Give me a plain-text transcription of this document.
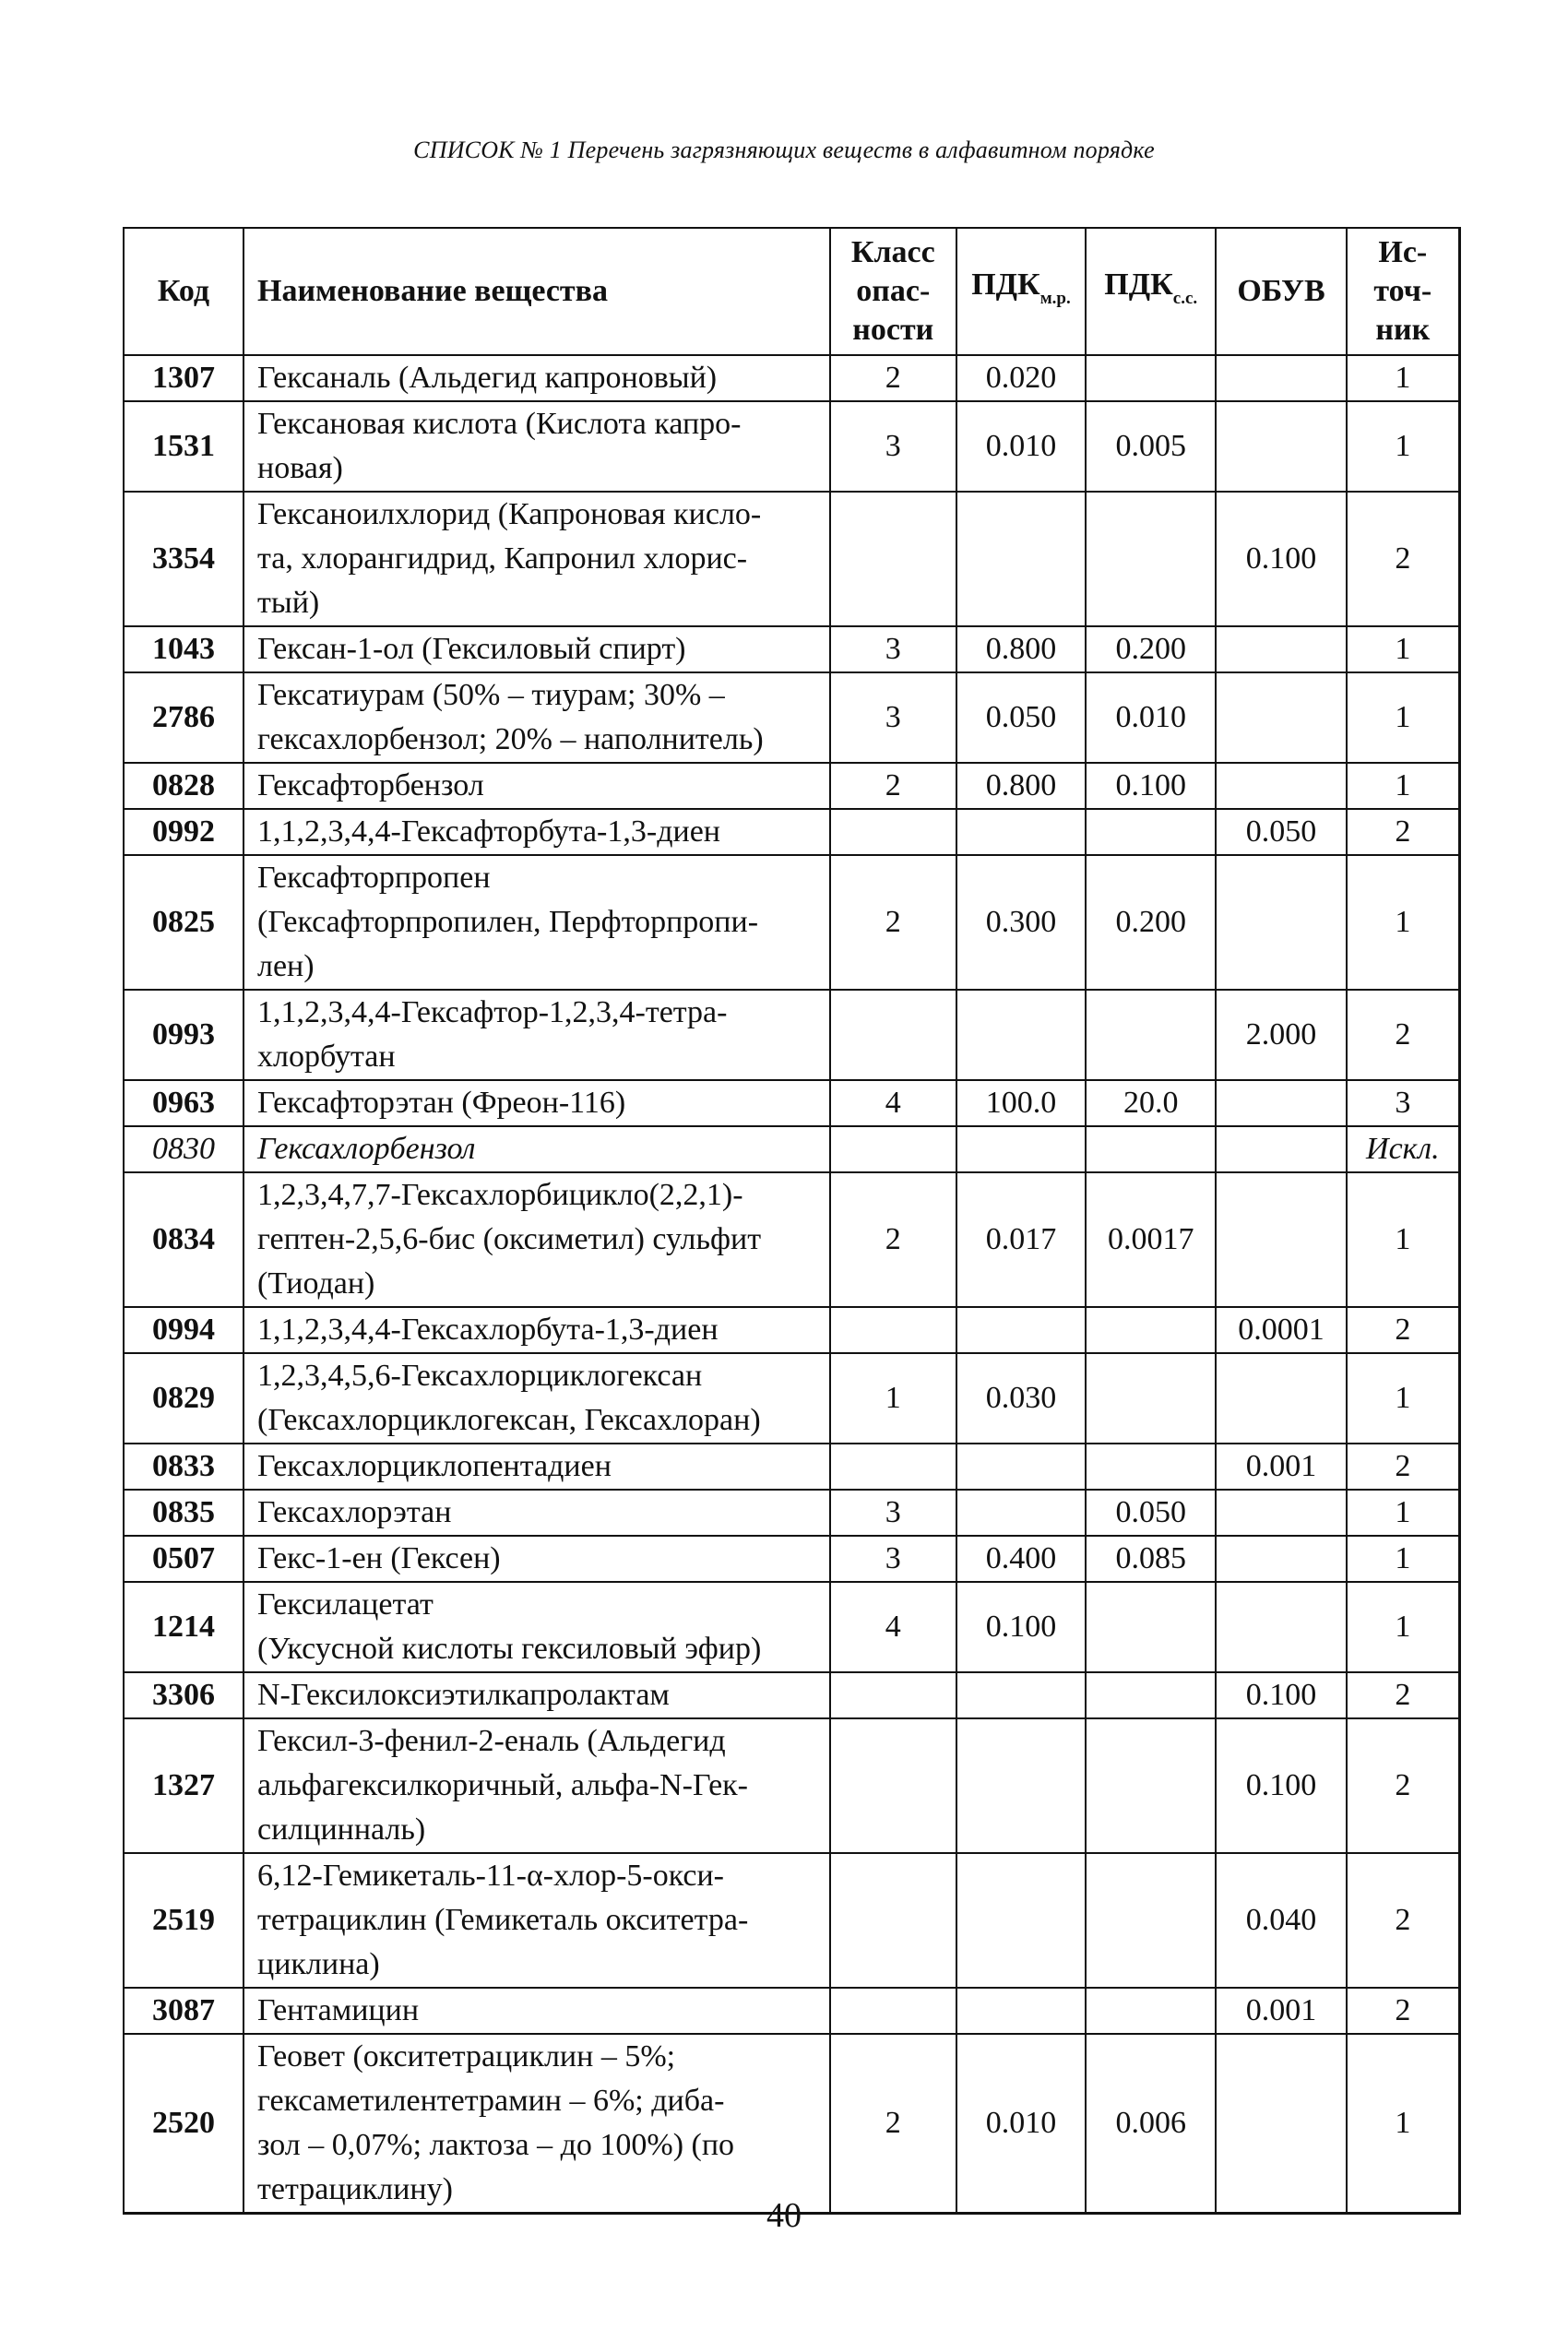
СПИСОК № 1 Перечень загрязняющих веществ в алфавитном порядке
Код	Наименование вещества	Класс
опас-
ности	$ПДК_{м.р.}$	$ПДК_{с.с.}$	ОБУВ	Ис-
точ-
ник
1307	Гексаналь (Альдегид капроновый)	2	0.020			1
1531	Гексановая кислота (Кислота капро-
новая)	3	0.010	0.005		1
3354	Гексаноилхлорид (Капроновая кисло-
та, хлорангидрид, Капронил хлорис-
тый)				0.100	2
1043	Гексан-1-ол (Гексиловый спирт)	3	0.800	0.200		1
2786	Гексатиурам (50% – тиурам; 30% –
гексахлорбензол; 20% – наполнитель)	3	0.050	0.010		1
0828	Гексафторбензол	2	0.800	0.100		1
0992	1,1,2,3,4,4-Гексафторбута-1,3-диен				0.050	2
0825	Гексафторпропен
(Гексафторпропилен, Перфторпропи-
лен)	2	0.300	0.200		1
0993	1,1,2,3,4,4-Гексафтор-1,2,3,4-тетра-
хлорбутан				2.000	2
0963	Гексафторэтан (Фреон-116)	4	100.0	20.0		3
0830	Гексахлорбензол					Искл.
0834	1,2,3,4,7,7-Гексахлорбицикло(2,2,1)-
гептен-2,5,6-бис (оксиметил) сульфит
(Тиодан)	2	0.017	0.0017		1
0994	1,1,2,3,4,4-Гексахлорбута-1,3-диен				0.0001	2
0829	1,2,3,4,5,6-Гексахлорциклогексан
(Гексахлорциклогексан, Гексахлоран)	1	0.030			1
0833	Гексахлорциклопентадиен				0.001	2
0835	Гексахлорэтан	3		0.050		1
0507	Гекс-1-ен (Гексен)	3	0.400	0.085		1
1214	Гексилацетат
(Уксусной кислоты гексиловый эфир)	4	0.100			1
3306	N-Гексилоксиэтилкапролактам				0.100	2
1327	Гексил-3-фенил-2-еналь (Альдегид
альфагексилкоричный, альфа-N-Гек-
силцинналь)				0.100	2
2519	6,12-Гемикеталь-11-α-хлор-5-окси-
тетрациклин (Гемикеталь окситетра-
циклина)				0.040	2
3087	Гентамицин				0.001	2
2520	Геовет (окситетрациклин – 5%;
гексаметилентетрамин – 6%; диба-
зол – 0,07%; лактоза – до 100%) (по
тетрациклину)	2	0.010	0.006		1
40
